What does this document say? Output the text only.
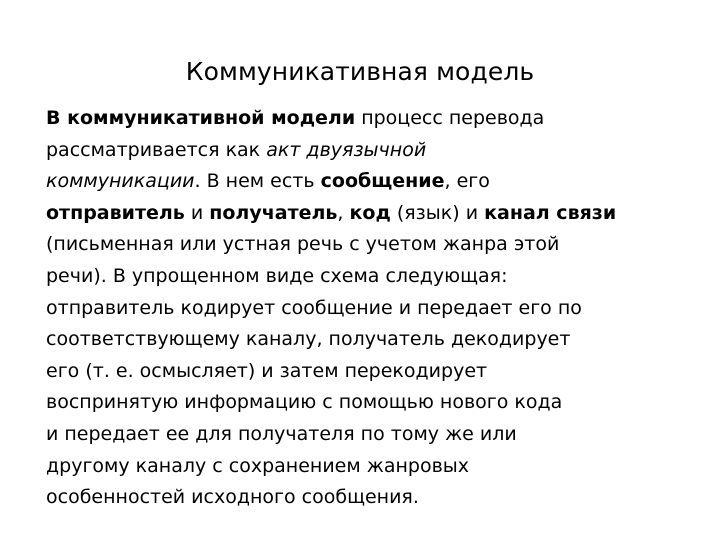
Коммуникативная модель
В коммуникативной модели процесс перевода
рассматривается как акт двуязычной
коммуникации. В нем есть сообщение, его
отправитель и получатель, код (язык) и канал связи
(письменная или устная речь с учетом жанра этой
речи). В упрощенном виде схема следующая:
отправитель кодирует сообщение и передает его по
соответствующему каналу, получатель декодирует
его (т. е. осмысляет) и затем перекодирует
воспринятую информацию с помощью нового кода
и передает ее для получателя по тому же или
другому каналу с сохранением жанровых
особенностей исходного сообщения.
